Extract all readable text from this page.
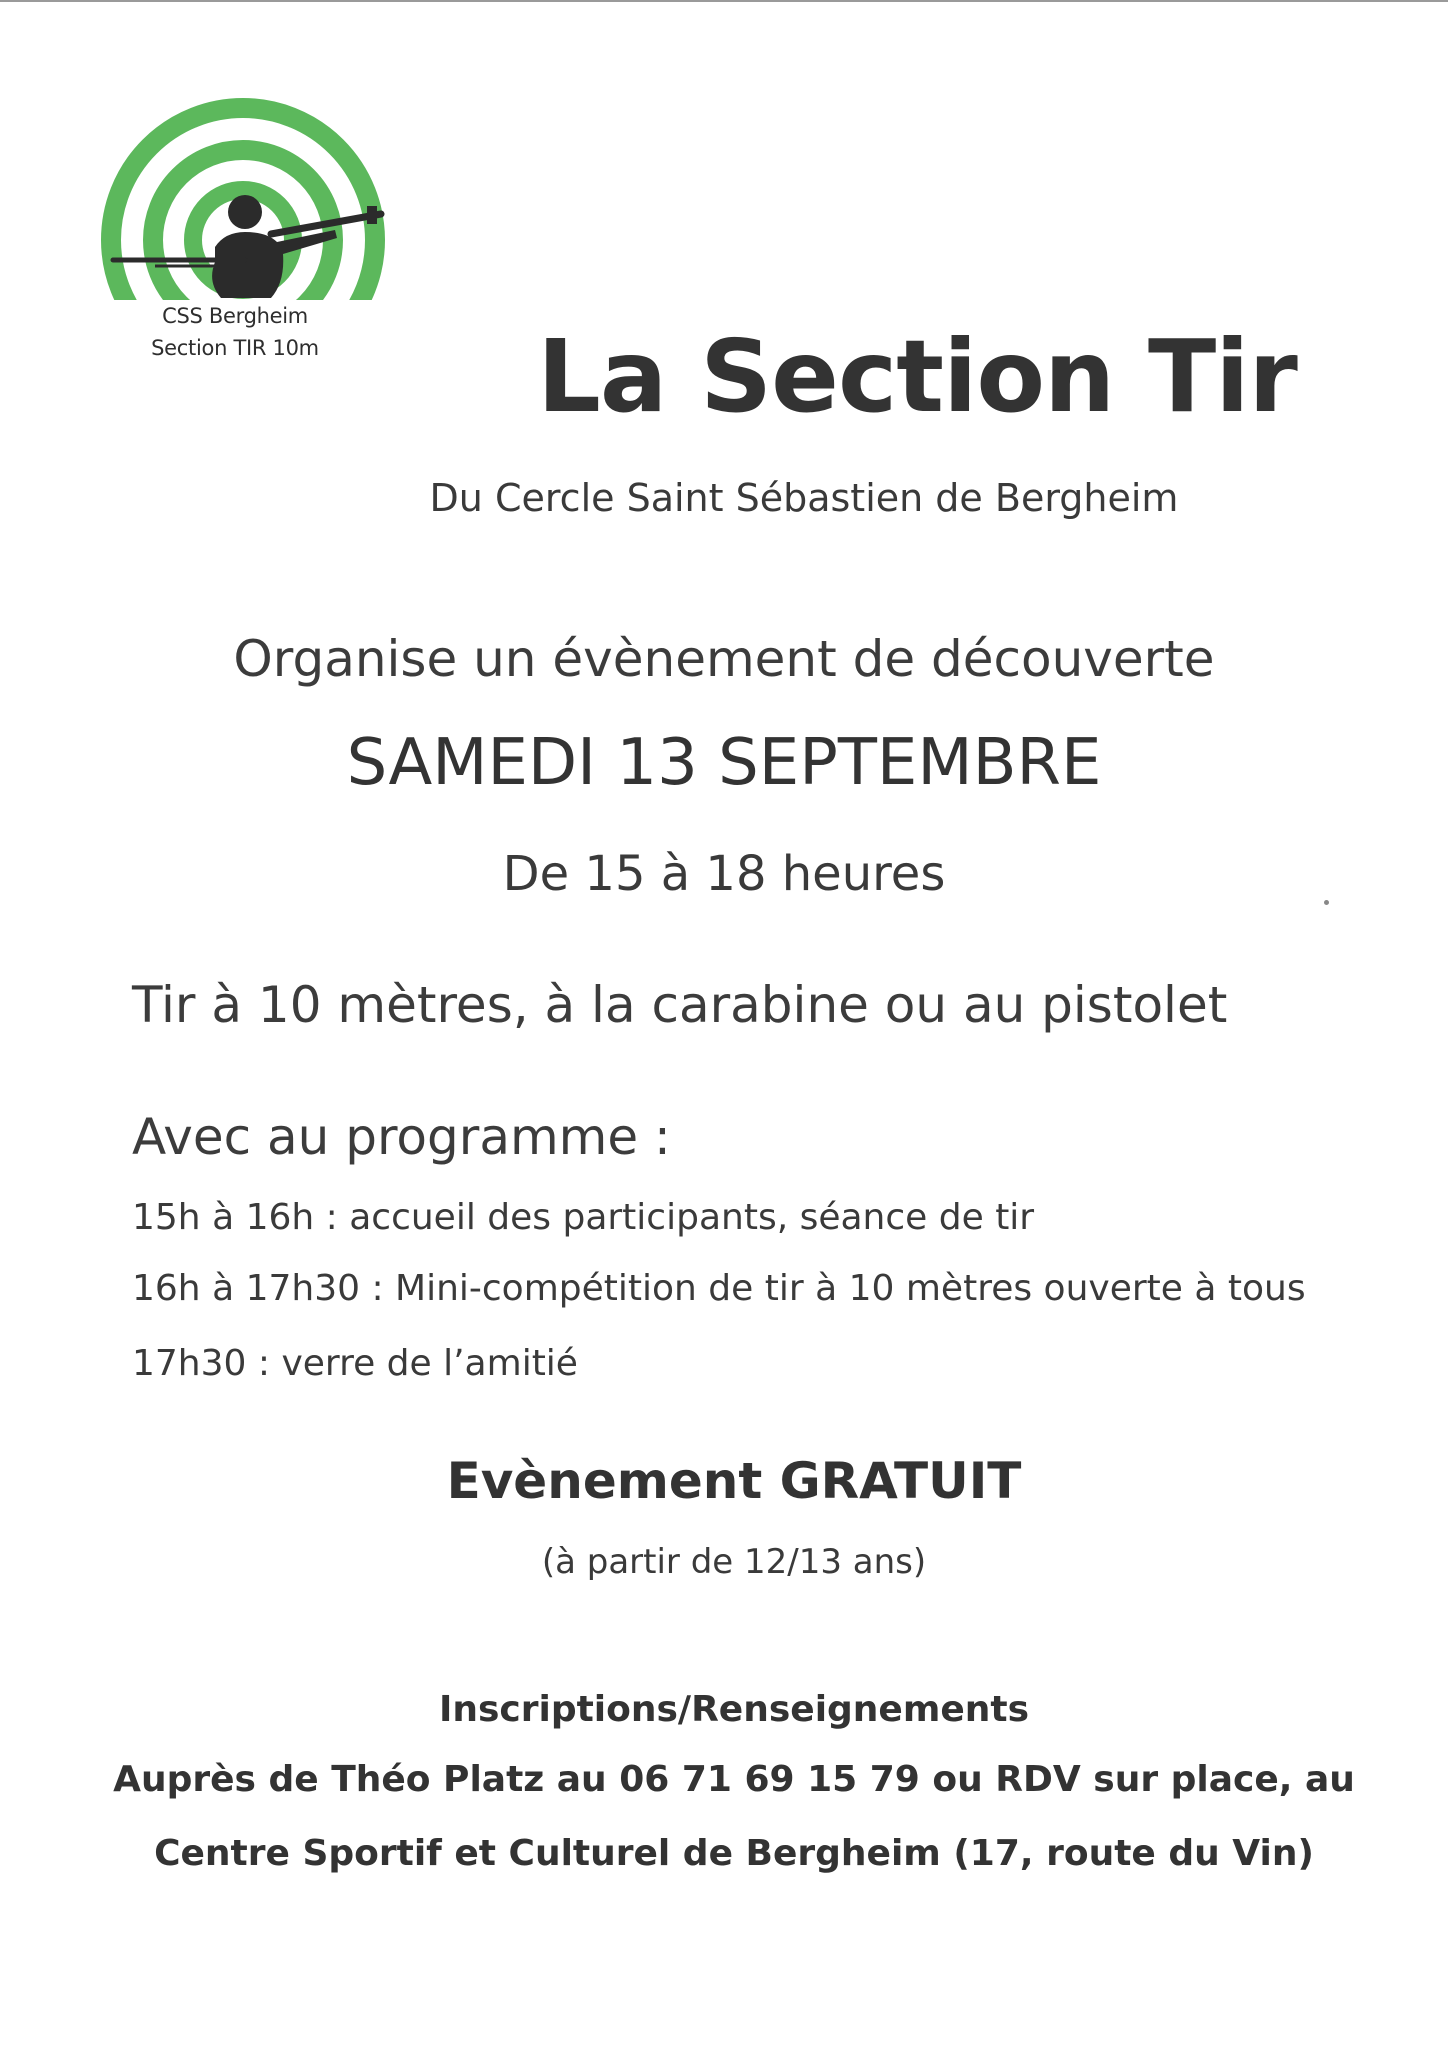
CSS Bergheim
Section TIR 10m	La Section Tir
Du Cercle Saint Sébastien de Bergheim
Organise un évènement de découverte
SAMEDI 13 SEPTEMBRE
De 15 à 18 heures
Tir à 10 mètres, à la carabine ou au pistolet
Avec au programme :
15h à 16h : accueil des participants, séance de tir
16h à 17h30 : Mini-compétition de tir à 10 mètres ouverte à tous
17h30 : verre de l’amitié
Evènement GRATUIT
(à partir de 12/13 ans)
Inscriptions/Renseignements
Auprès de Théo Platz au 06 71 69 15 79 ou RDV sur place, au
Centre Sportif et Culturel de Bergheim (17, route du Vin)
